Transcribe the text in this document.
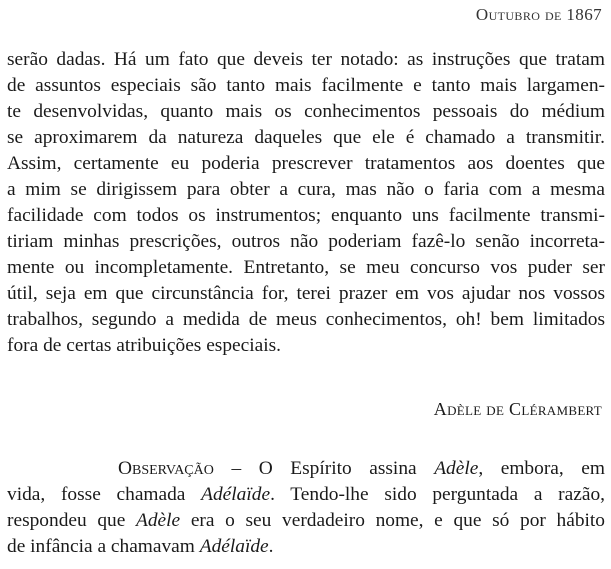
Outubro de 1867
serão dadas. Há um fato que deveis ter notado: as instruções que tratam
de assuntos especiais são tanto mais facilmente e tanto mais largamen-
te desenvolvidas, quanto mais os conhecimentos pessoais do médium
se aproximarem da natureza daqueles que ele é chamado a transmitir.
Assim, certamente eu poderia prescrever tratamentos aos doentes que
a mim se dirigissem para obter a cura, mas não o faria com a mesma
facilidade com todos os instrumentos; enquanto uns facilmente transmi-
tiriam minhas prescrições, outros não poderiam fazê-lo senão incorreta-
mente ou incompletamente. Entretanto, se meu concurso vos puder ser
útil, seja em que circunstância for, terei prazer em vos ajudar nos vossos
trabalhos, segundo a medida de meus conhecimentos, oh! bem limitados
fora de certas atribuições especiais.
Adèle de Clérambert
Observação – O Espírito assina Adèle, embora, em
vida, fosse chamada Adélaïde. Tendo-lhe sido perguntada a razão,
respondeu que Adèle era o seu verdadeiro nome, e que só por hábito
de infância a chamavam Adélaïde.
